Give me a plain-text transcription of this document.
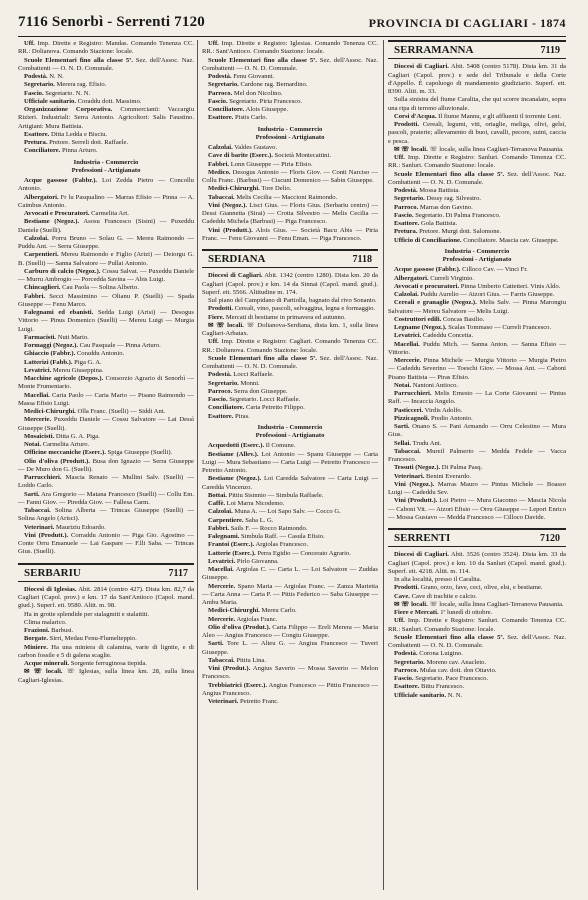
7116 Senorbì - Serrenti 7120	PROVINCIA DI CAGLIARI - 1874

Uff. Imp. Dirette e Registro: Mandas. Comando Tenenza CC. RR.: Dolianova. Comando Stazione: locale.

Scuole Elementari fino alla classe 5ª. Sez. dell'Assoc. Naz. Combattenti — O. N. D. Comunale.

Podestà. N. N.

Segretario. Merera rag. Efisio.

Fascio. Segretario. N. N.

Ufficiale sanitario. Coraddu dott. Massimo.

Organizzazione Corporativa. Commercianti: Vaccargiu Rizieri. Industriali: Serra Antonio. Agricoltori: Salis Faustino. Artigiani: Mura Battista.

Esattore. Ditta Ledda e Bisciu.

Pretura. Pretore. Serreli dott. Raffaele.

Conciliatore. Pinna Arturo.

Industria - Commercio
Professioni - Artigianato

Acque gassose (Fabbr.). Loi Zedda Pietro — Concollu Antonio.

Albergatori. Fr lu Pasqualino — Marras Efisio — Pinna — A. Caimbus Antonio.

Avvocati e Procuratori. Carmelita Art.

Bestiame (Negoz.). Asosu Francesco (Sisini) — Puxeddu Daniele (Suelli).

Calzolai. Porru Bruno — Solau G. — Mereu Raimondo — Puddu Ant. — Serra Giuseppe.

Carpentieri. Mereu Raimondo e Figlio (Arizi) — Deiorgu G. B. (Suelli) — Sanna Salvatore — Pullai Antonio.

Carburo di calcio (Negoz.). Cossu Salvat. — Puxeddu Daniele — Murru Ambrogio — Porcedda Savina — Abis Luigi.

Chincaglieri. Cau Paola — Solina Alberto.

Fabbri. Secci Massimino — Olianu P. (Suelli) — Spada Giuseppe — Fenu Marco.

Falegnami ed ebanisti. Sedda Luigi (Arisi) — Desogus Vittorio — Pinus Domenico (Suelli) — Mereu Luigi — Murgia Luigi.

Farmacisti. Nuti Mario.

Formaggi (Negoz.). Cau Pasquale — Pinna Arturo.

Ghiaccio (Fabbr.). Coraddu Antonio.

Latterizi (Fabb.). Piga G. A.

Levatrici. Mereu Giuseppina.

Macchine agricole (Depos.). Consorzio Agrario di Senorbì — Monte Frumentario.

Macellai. Caria Paolo — Caria Mario — Pisano Raimondo — Massa Efisio Luigi.

Medici-Chirurghi. Olla Franc. (Suelli) — Siddi Ant.

Mercerie. Puxeddu Daniele — Cossu Salvatore — Lai Dessì Giuseppe (Suelli).

Mosaicisti. Ditta G. A. Piga.

Notai. Carmelita Arturo.

Officine meccaniche (Eserc.). Spiga Giuseppe (Suelli).

Olio d'oliva (Produtt.). Busa don Ignazio — Serra Giuseppe — De Muro don G. (Suelli).

Parrucchieri. Mascia Renato — Mullini Salv. (Suelli) — Loddo Carlo.

Sarti. Ara Gregorio — Matana Francesco (Suelli) — Collu Em. — Fanni Giov. — Piredda Giov. — Fallesa Carm.

Tabaccai. Solina Alberta — Trincas Giuseppe (Suelli) — Solina Angelo (Arisci).

Veterinari. Mauriziu Edoardo.

Vini (Produtt.). Corraddu Antonio — Piga Gio. Agostino — Conte Orru Emanuele — Lai Gaspare — F.lli Saba. — Trincas Gius. (Suelli).

SERBARIU	7117

Diocesi di Iglesias. Abit. 2814 (centro 427). Dista km. 82,7 da Cagliari (Capol. prov.) e km. 17 da Sant'Antioco (Capol. mand. giud.). Superf. ett. 9580. Altit. m. 98.

Ha in grotte splendide per stalagmiti e stalattiti.

Clima malarico.

Frazioni. Barbusi.

Borgate. Sirri, Medau Fenu-Flumelteppio.

Miniere. Ha una miniera di calamina, varie di lignite, e di carbon fossile e 5 di galena scaglie.

Acque minerali. Sorgente ferruginosa tiepida.

✉ ☏ locali. ☏ Iglesias, sulla linea km. 28, sulla linea Cagliari-Iglesias.

Uff. Imp. Dirette e Registro: Iglesias. Comando Tenenza CC. RR.: Sant'Antioco. Comando Stazione: locale.

Scuole Elementari fino alla classe 5ª. Sez. dell'Assoc. Naz. Combattenti — O. N. D. Comunale.

Podestà. Fenu Giovanni.

Segretario. Cardone rag. Bernardino.

Parroco. Mel don Nicolino.

Fascio. Segretario. Piria Francesco.

Conciliatore. Alois Giuseppe.

Esattore. Pistis Carlo.

Industria - Commercio
Professioni - Artigianato

Calzolai. Valdes Gustavo.

Cave di barite (Eserc.). Società Montecattini.

Fabbri. Lonn Giuseppe — Piria Efisio.

Medico. Desogus Antonio — Floris Giov. — Conti Narciso — Collu Franc. (Barbusi) — Ciscuni Domenico — Sabin Giuseppe.

Medici-Chirurghi. Tore Delio.

Tabaccai. Melis Cecilia — Maccioni Raimondo.

Vini (Negoz.). Lisci Gius. — Floris Gius. (Serbariu centro) — Dessi Giannetta (Sirai) — Crotta Silvestro — Melis Cecilia — Cadeddu Michela (Barbusi) — Piga Francesco.

Vini (Produtt.). Alois Gius. — Società Bacu Abis — Piria Franc. — Fenu Giovanni — Fenu Eman. — Piga Francesco.

SERDIANA	7118

Diocesi di Cagliari. Abit. 1342 (centro 1280). Dista km. 20 da Cagliari (Capol. prov.) e km. 14 da Sinnai (Capol. mand. giud.). Superf. ett. 5566. Altitudine m. 174.

Sul piano del Campidano di Partiolla, bagnato dal rivo Sonanto.

Prodotti. Cereali, vino, pascoli, selvaggina, legna e formaggio.

Fiere. Mercati di bestiame in primavera ed autunno.

✉ ☏ locali. ☏ Dolianova-Serdiana, dista km. 1, sulla linea Cagliari-Arbatax.

Uff. Imp. Dirette e Registro: Cagliari. Comando Tenenza CC. RR.: Dolianova. Comando Stazione: locale.

Scuole Elementari fino alla classe 5ª. Sez. dell'Assoc. Naz. Combattenti — O. N. D. Comunale.

Podestà. Locci Raffaele.

Segretario. Monni.

Parroco. Serra don Giuseppe.

Fascio. Segretario. Locci Raffaele.

Conciliatore. Carta Petretto Filippo.

Esattore. Piras.

Industria - Commercio
Professioni - Artigianato

Acquedotti (Eserc.). Il Comune.

Bestiame (Allev.). Loi Antonio — Spanu Giuseppe — Carta Luigi — Mura Sebastiano — Carta Luigi — Petretto Francesco — Petretto Antonio.

Bestiame (Negoz.). Loi Caredda Salvatore — Carta Luigi — Caredda Vincenzo.

Bottai. Pittiu Sisinnio — Simbula Raffaele.

Caffè. Loi Marra Nicodemo.

Calzolai. Muna A. — Loi Sapo Salv. — Cocco G.

Carpentiere. Saba L. G.

Fabbri. Sails F. — Rocco Raimondo.

Falegnami. Simbula Raff. — Casula Efisio.

Frantoi (Eserc.). Argiolas Francesco.

Latterie (Eserc.). Perra Egidio — Concerato Agrario.

Levatrici. Pirlo Giovanna.

Macellai. Argiolas C. — Carta L. — Loi Salvatore — Zuddas Giuseppe.

Mercerie. Spano Maria — Argiolas Franc. — Zanza Marietta — Carta Anna — Carta P. — Pittis Federico — Saba Giuseppe — Ambu Maria.

Medici-Chirurghi. Mereu Carlo.

Mercerie. Argiolas Franc.

Olio d'oliva (Produt.). Carta Filippo — Ereli Merera — Maria Aleo — Angius Francesco — Congiu Giuseppe.

Sarti. Tore L. — Alteu G. — Angius Francesco — Tuveri Giuseppe.

Tabaccai. Pittiu Lina.

Vini (Produt.). Angius Saverio — Mossa Saverio — Melon Francesco.

Trebbiatrici (Eserc.). Angius Francesco — Pittiu Francesco — Angius Francesco.

Veterinari. Petretto Franc.

SERRAMANNA	7119

Diocesi di Cagliari. Abit. 5408 (centro 5178). Dista km. 31 da Cagliari (Capol. prov.) e sede del Tribunale e della Corte d'Appello. È capoluogo di mandamento giudiziario. Superf. ett. 8390. Altit. m. 33.

Sulla sinistra del fiume Caralita, che qui scorre incanalato, sopra una ripa di terreno alluvionale.

Corsi d'Acqua. Il fiume Mannu, e gli affluenti il torrente Leni.

Prodotti. Cereali, legumi, viti, ortaglie, meliga, olivi, gelsi, pascoli, praterie; allevamento di buoi, cavalli, pecore, suini, caccia e pesca.

✉ ☏ locali. ☏ locale, sulla linea Cagliari-Terranova Pausania.

Uff. Imp. Dirette e Registro: Sanluri. Comando Tenenza CC. RR.: Sanluri. Comando Stazione: locale.

Scuole Elementari fino alla classe 5ª. Sez. dell'Assoc. Naz. Combattenti — O. N. D. Comunale.

Podestà. Mossa Battista.

Segretario. Dessy rag. Silvestro.

Parroco. Marras don Gavino.

Fascio. Segretario. Di Palma Francesco.

Esattore. Gola Battista.

Pretura. Pretore. Murgi dott. Salomone.

Ufficio di Conciliazione. Conciliatore. Mascia cav. Giuseppe.

Industria - Commercio
Professioni - Artigianato

Acque gassose (Fabbr.). Cilloco Cav. — Vinci Fr.

Albergatori. Curreli Virginio.

Avvocati e procuratori. Pinna Umberto Cattetteri. Vinis Aldo.

Calzolai. Puddu Aurelio — Atzori Gius. — Farris Giuseppe.

Cereali e granaglie (Negoz.). Melis Salv. — Pinna Marongiu Salvatore — Mereu Salvatore — Melis Luigi.

Costruttori edili. Concas Basilio.

Legname (Negoz.). Scalas Tommaso — Curreli Francesco.

Levatrici. Cadeddu Concetta.

Macellai. Puddu Mich. — Sanna Anton. — Sanna Efisio — Vittorio.

Mercerie. Pinna Michele — Murgia Vittorio — Murgia Pietro — Cadeddu Severino — Toeschi Giov. — Mossa Ant. — Caboni Pisano Battista — Piras Efisio.

Notai. Nantoni Antioco.

Parrucchieri. Melis Ernesto — La Corte Giovanni — Pintus Raff. — Incaccia Angelo.

Pasticceri. Virdis Adolfo.

Pizzicagnoli. Predio Antonio.

Sarti. Onano S. — Pani Armando — Orru Celestino — Mura Gius.

Sellai. Trudu Ant.

Tabaccai. Mureil Palmerio — Medda Fedele — Vacca Francesco.

Tessuti (Negoz.). Di Palma Pasq.

Veterinari. Benini Everardo.

Vini (Negoz.). Marras Mauro — Pintus Michele — Boasso Luigi — Cadeddu Sev.

Vini (Produtt.). Loi Pietro — Mura Giacomo — Mascia Nicola — Caboni Vit. — Atzori Efisio — Orru Giuseppe — Lepori Enrico — Mossa Gustavo — Medda Francesco — Cilloco Davide.

SERRENTI	7120

Diocesi di Cagliari. Abit. 3526 (centro 3524). Dista km. 33 da Cagliari (Capol. prov.) e km. 10 da Sanluri (Capol. mand. giud.). Superf. ett. 4218. Altit. m. 114.

In alta località, presso il Caralita.

Prodotti. Grano, orzo, fave, ceci, olive, elsi, e bestiame.

Cave. Cave di trachite e calcio.

✉ ☏ locali. ☏ locale, sulla linea Cagliari-Terranova Pausania.

Fiere e Mercati. 1ª lunedì di ottobre.

Uff. Imp. Dirette e Registro: Sanluri. Comando Tenenza CC. RR.: Sanluri. Comando Stazione: locale.

Scuole Elementari fino alla classe 5ª. Sez. dell'Assoc. Naz. Combattenti — O. N. D. Comunale.

Podestà. Corona Luigino.

Segretario. Moreno cav. Anacleto.

Parroco. Mulas cav. dott. don Ottavio.

Fascio. Segretario. Pace Francesco.

Esattore. Bittu Francesco.

Ufficiale sanitario. N. N.
